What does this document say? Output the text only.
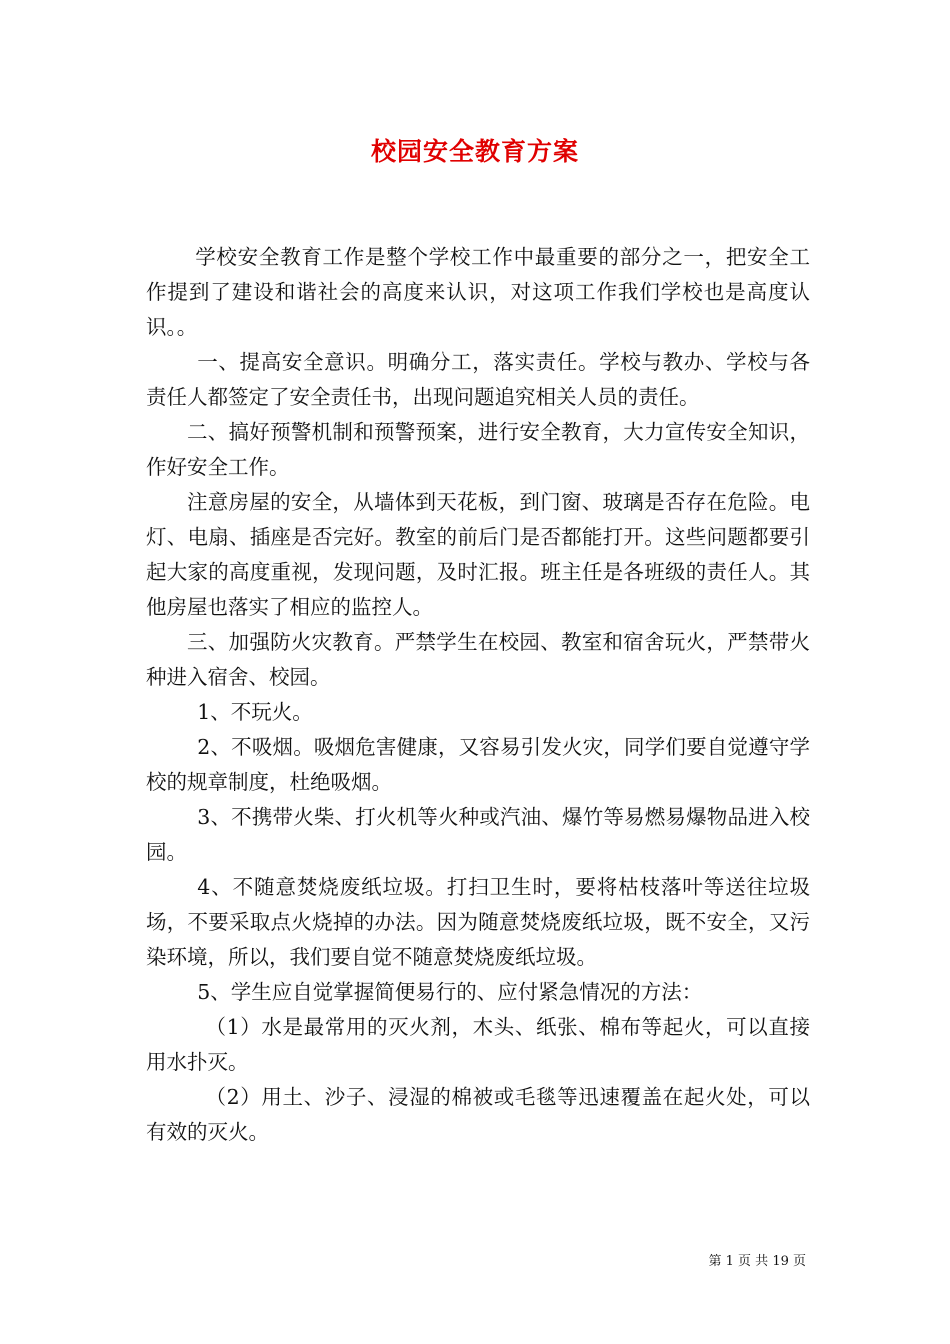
校园安全教育方案

学校安全教育工作是整个学校工作中最重要的部分之一，把安全工作提到了建设和谐社会的高度来认识，对这项工作我们学校也是高度认识。。

一、提高安全意识。明确分工，落实责任。学校与教办、学校与各责任人都签定了安全责任书，出现问题追究相关人员的责任。

二、搞好预警机制和预警预案，进行安全教育，大力宣传安全知识，作好安全工作。

注意房屋的安全，从墙体到天花板，到门窗、玻璃是否存在危险。电灯、电扇、插座是否完好。教室的前后门是否都能打开。这些问题都要引起大家的高度重视，发现问题，及时汇报。班主任是各班级的责任人。其他房屋也落实了相应的监控人。

三、加强防火灾教育。严禁学生在校园、教室和宿舍玩火，严禁带火种进入宿舍、校园。

1、不玩火。

2、不吸烟。吸烟危害健康，又容易引发火灾，同学们要自觉遵守学校的规章制度，杜绝吸烟。

3、不携带火柴、打火机等火种或汽油、爆竹等易燃易爆物品进入校园。

4、不随意焚烧废纸垃圾。打扫卫生时，要将枯枝落叶等送往垃圾场，不要采取点火烧掉的办法。因为随意焚烧废纸垃圾，既不安全，又污染环境，所以，我们要自觉不随意焚烧废纸垃圾。

5、学生应自觉掌握简便易行的、应付紧急情况的方法：

（1）水是最常用的灭火剂，木头、纸张、棉布等起火，可以直接用水扑灭。

（2）用土、沙子、浸湿的棉被或毛毯等迅速覆盖在起火处，可以有效的灭火。

第 1 页 共 19 页
